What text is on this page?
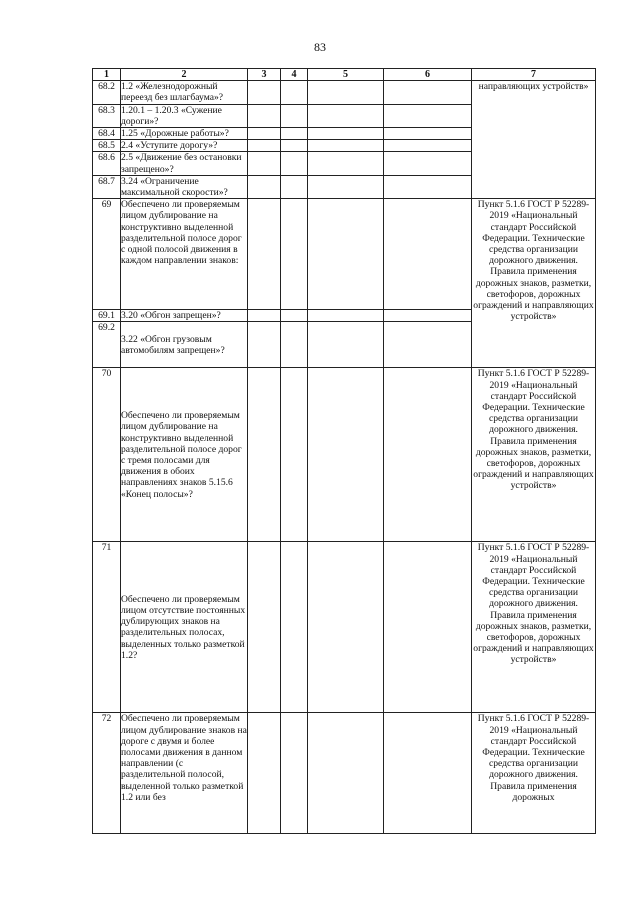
83
1	2	3	4	5	6	7
68.2	1.2 «Железнодорожный переезд без шлагбаума»?					направляющих устройств»
68.3	1.20.1 – 1.20.3 «Сужение дороги»?					
68.4	1.25 «Дорожные работы»?					
68.5	2.4 «Уступите дорогу»?					
68.6	2.5 «Движение без остановки запрещено»?					
68.7	3.24 «Ограничение максимальной скорости»?					
69	Обеспечено ли проверяемым лицом дублирование на конструктивно выделенной разделительной полосе дорог с одной полосой движения в каждом направлении знаков:					Пункт 5.1.6 ГОСТ Р 52289-2019 «Национальный стандарт Российской Федерации. Технические средства организации дорожного движения. Правила применения дорожных знаков, разметки, светофоров, дорожных ограждений и направляющих устройств»
69.1	3.20 «Обгон запрещен»?					
69.2	3.22 «Обгон грузовым автомобилям запрещен»?					
70	Обеспечено ли проверяемым лицом дублирование на конструктивно выделенной разделительной полосе дорог с тремя полосами для движения в обоих направлениях знаков 5.15.6 «Конец полосы»?					Пункт 5.1.6 ГОСТ Р 52289-2019 «Национальный стандарт Российской Федерации. Технические средства организации дорожного движения. Правила применения дорожных знаков, разметки, светофоров, дорожных ограждений и направляющих устройств»
71	Обеспечено ли проверяемым лицом отсутствие постоянных дублирующих знаков на разделительных полосах, выделенных только разметкой 1.2?					Пункт 5.1.6 ГОСТ Р 52289-2019 «Национальный стандарт Российской Федерации. Технические средства организации дорожного движения. Правила применения дорожных знаков, разметки, светофоров, дорожных ограждений и направляющих устройств»
72	Обеспечено ли проверяемым лицом дублирование знаков на дороге с двумя и более полосами движения в данном направлении (с разделительной полосой, выделенной только разметкой 1.2 или без					Пункт 5.1.6 ГОСТ Р 52289-2019 «Национальный стандарт Российской Федерации. Технические средства организации дорожного движения. Правила применения дорожных
